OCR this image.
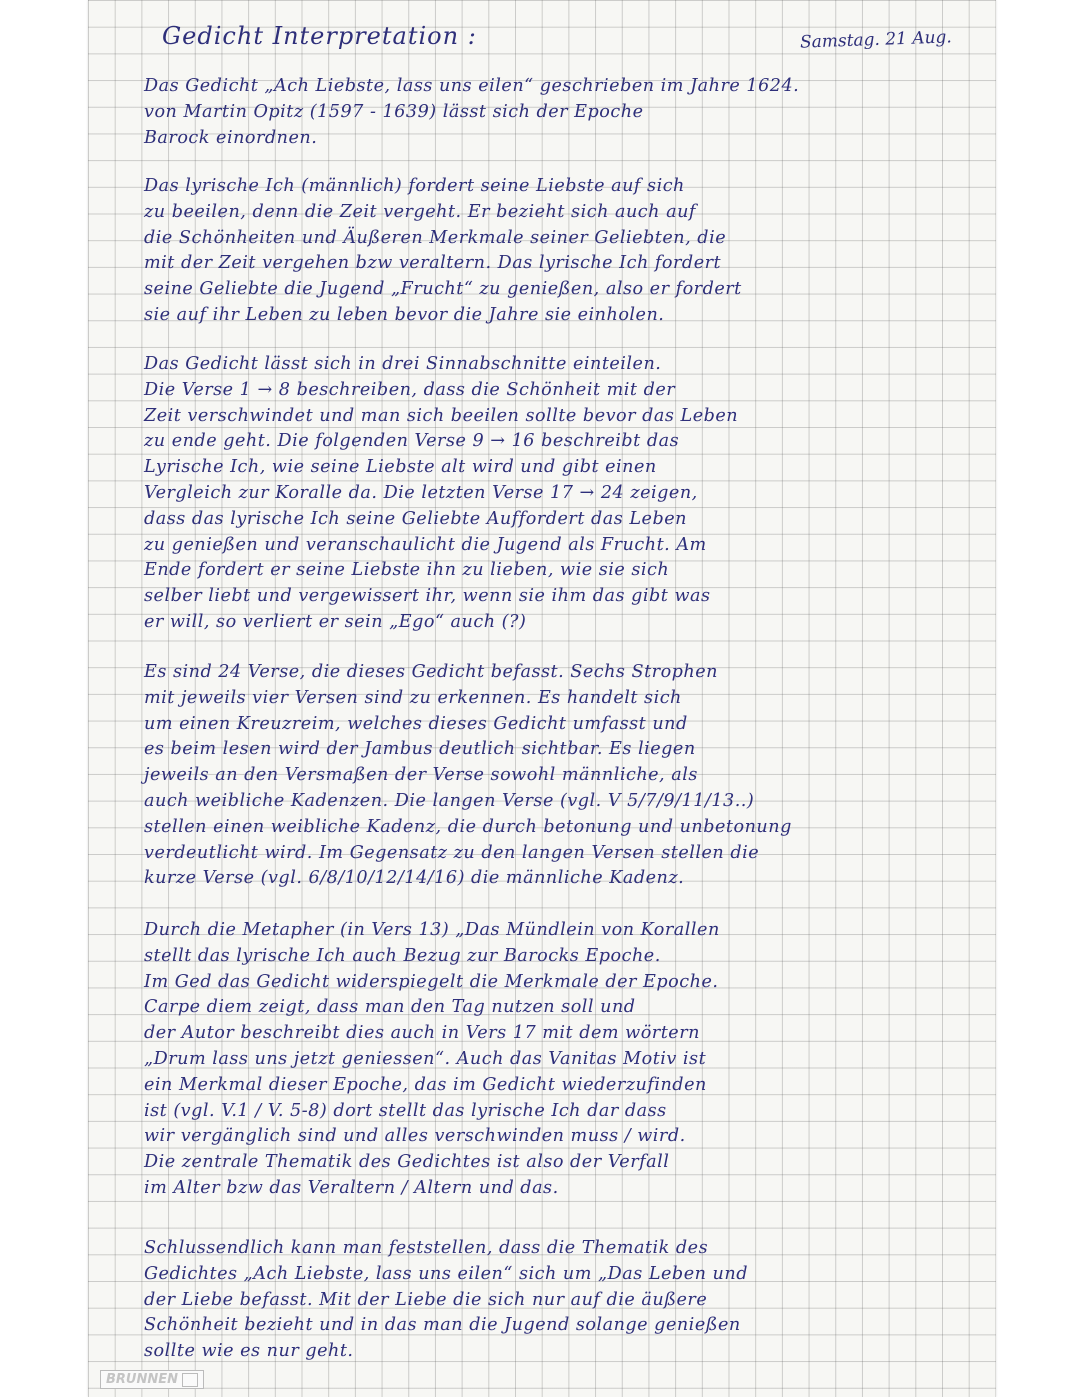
Gedicht Interpretation :	Samstag. 21 Aug.
Das Gedicht „Ach Liebste, lass uns eilen“ geschrieben im Jahre 1624.
von Martin Opitz (1597 - 1639) lässt sich der Epoche
Barock einordnen.
Das lyrische Ich (männlich) fordert seine Liebste auf sich
zu beeilen, denn die Zeit vergeht. Er bezieht sich auch auf
die Schönheiten und Äußeren Merkmale seiner Geliebten, die
mit der Zeit vergehen bzw veraltern. Das lyrische Ich fordert
seine Geliebte die Jugend „Frucht“ zu genießen, also er fordert
sie auf ihr Leben zu leben bevor die Jahre sie einholen.
Das Gedicht lässt sich in drei Sinnabschnitte einteilen.
Die Verse 1 → 8 beschreiben, dass die Schönheit mit der
Zeit verschwindet und man sich beeilen sollte bevor das Leben
zu ende geht. Die folgenden Verse 9 → 16 beschreibt das
Lyrische Ich, wie seine Liebste alt wird und gibt einen
Vergleich zur Koralle da. Die letzten Verse 17 → 24 zeigen,
dass das lyrische Ich seine Geliebte Auffordert das Leben
zu genießen und veranschaulicht die Jugend als Frucht. Am
Ende fordert er seine Liebste ihn zu lieben, wie sie sich
selber liebt und vergewissert ihr, wenn sie ihm das gibt was
er will, so verliert er sein „Ego“ auch (?)
Es sind 24 Verse, die dieses Gedicht befasst. Sechs Strophen
mit jeweils vier Versen sind zu erkennen. Es handelt sich
um einen Kreuzreim, welches dieses Gedicht umfasst und
es beim lesen wird der Jambus deutlich sichtbar. Es liegen
jeweils an den Versmaßen der Verse sowohl männliche, als
auch weibliche Kadenzen. Die langen Verse (vgl. V 5/7/9/11/13..)
stellen einen weibliche Kadenz, die durch betonung und unbetonung
verdeutlicht wird. Im Gegensatz zu den langen Versen stellen die
kurze Verse (vgl. 6/8/10/12/14/16) die männliche Kadenz.
Durch die Metapher (in Vers 13) „Das Mündlein von Korallen
stellt das lyrische Ich auch Bezug zur Barocks Epoche.
Im Ged das Gedicht widerspiegelt die Merkmale der Epoche.
Carpe diem zeigt, dass man den Tag nutzen soll und
der Autor beschreibt dies auch in Vers 17 mit dem wörtern
„Drum lass uns jetzt geniessen“. Auch das Vanitas Motiv ist
ein Merkmal dieser Epoche, das im Gedicht wiederzufinden
ist (vgl. V.1 / V. 5-8) dort stellt das lyrische Ich dar dass
wir vergänglich sind und alles verschwinden muss / wird.
Die zentrale Thematik des Gedichtes ist also der Verfall
im Alter bzw das Veraltern / Altern und das.
Schlussendlich kann man feststellen, dass die Thematik des
Gedichtes „Ach Liebste, lass uns eilen“ sich um „Das Leben und
der Liebe befasst. Mit der Liebe die sich nur auf die äußere
Schönheit bezieht und in das man die Jugend solange genießen
sollte wie es nur geht.
BRUNNEN
